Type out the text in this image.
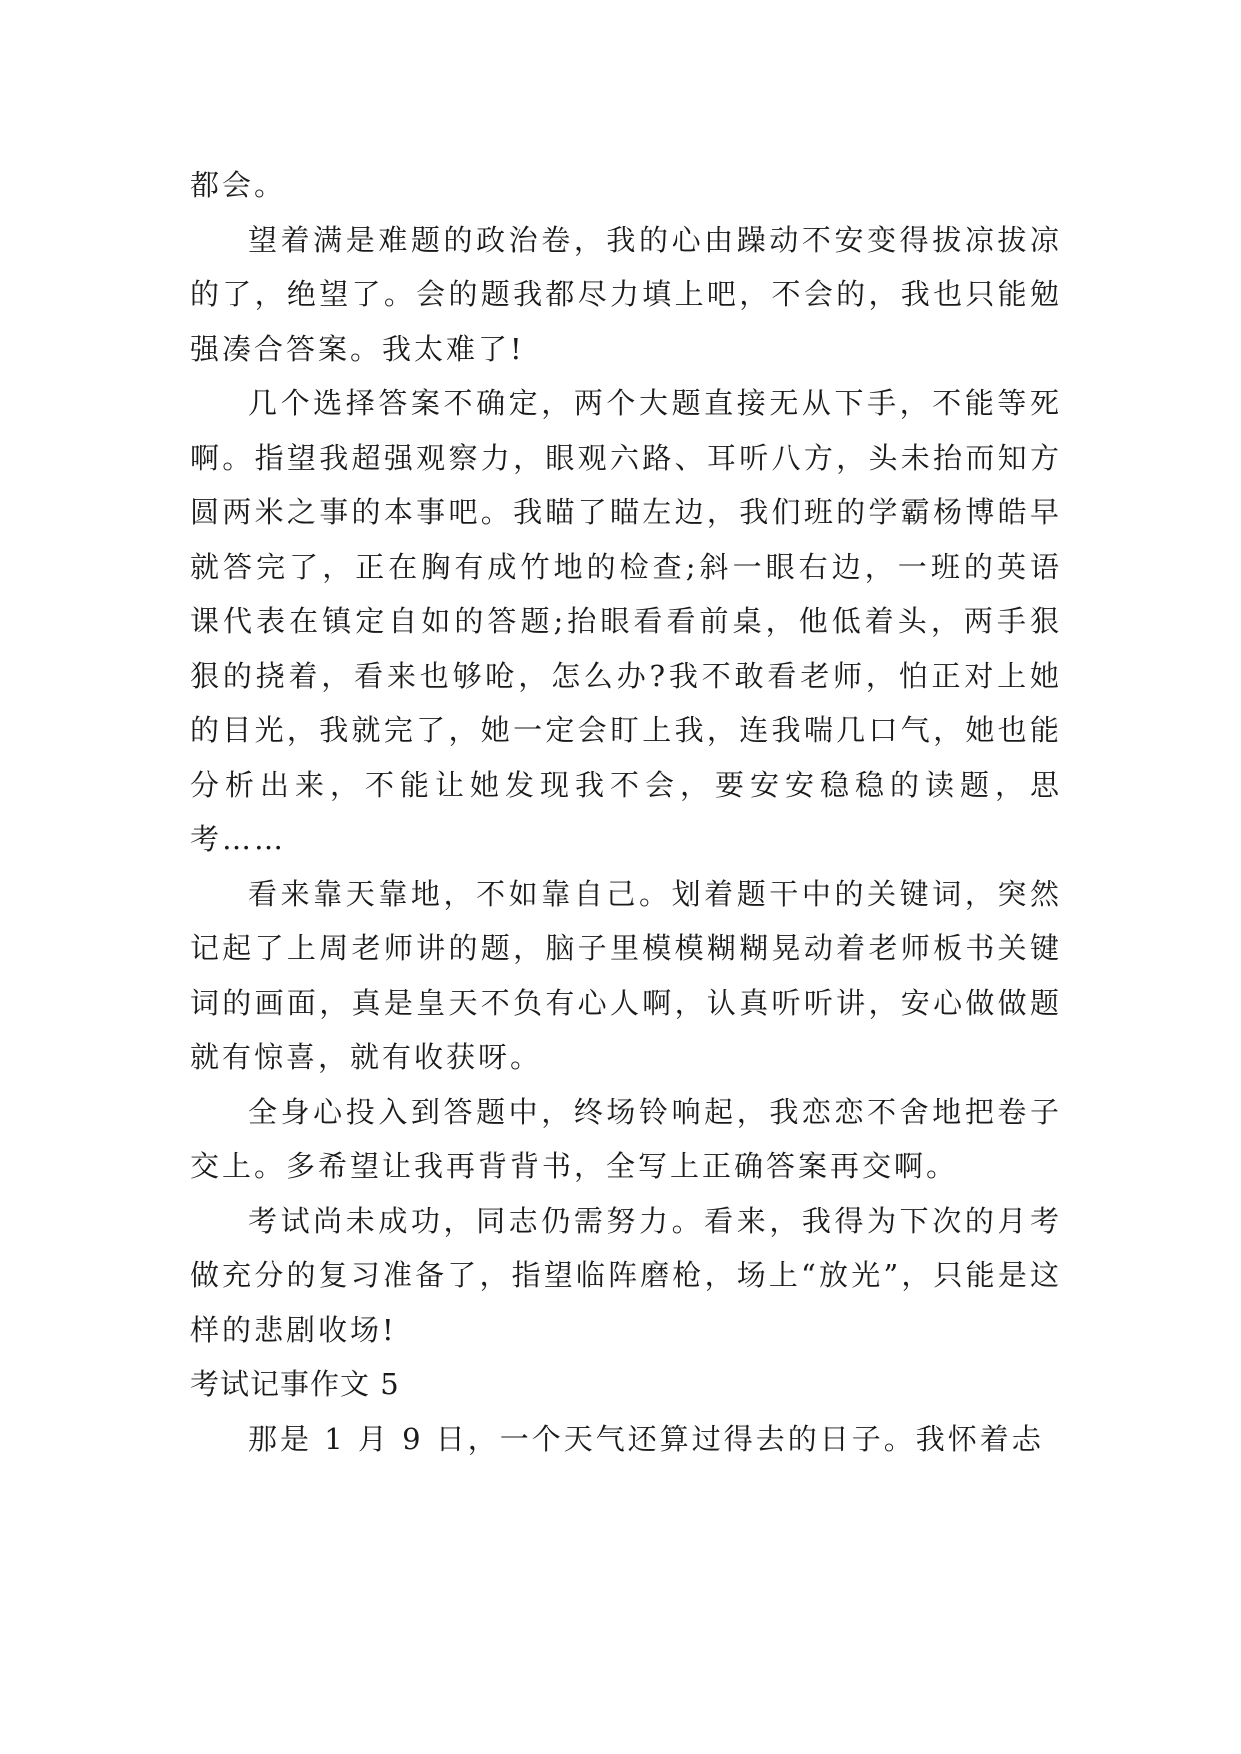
都会。

望着满是难题的政治卷，我的心由躁动不安变得拔凉拔凉的了，绝望了。会的题我都尽力填上吧，不会的，我也只能勉强凑合答案。我太难了!

几个选择答案不确定，两个大题直接无从下手，不能等死啊。指望我超强观察力，眼观六路、耳听八方，头未抬而知方圆两米之事的本事吧。我瞄了瞄左边，我们班的学霸杨博皓早就答完了，正在胸有成竹地的检查;斜一眼右边，一班的英语课代表在镇定自如的答题;抬眼看看前桌，他低着头，两手狠狠的挠着，看来也够呛，怎么办?我不敢看老师，怕正对上她的目光，我就完了，她一定会盯上我，连我喘几口气，她也能分析出来，不能让她发现我不会，要安安稳稳的读题，思考……

看来靠天靠地，不如靠自己。划着题干中的关键词，突然记起了上周老师讲的题，脑子里模模糊糊晃动着老师板书关键词的画面，真是皇天不负有心人啊，认真听听讲，安心做做题就有惊喜，就有收获呀。

全身心投入到答题中，终场铃响起，我恋恋不舍地把卷子交上。多希望让我再背背书，全写上正确答案再交啊。

考试尚未成功，同志仍需努力。看来，我得为下次的月考做充分的复习准备了，指望临阵磨枪，场上“放光”，只能是这样的悲剧收场!

考试记事作文 5

那是 1 月 9 日，一个天气还算过得去的日子。我怀着忐
